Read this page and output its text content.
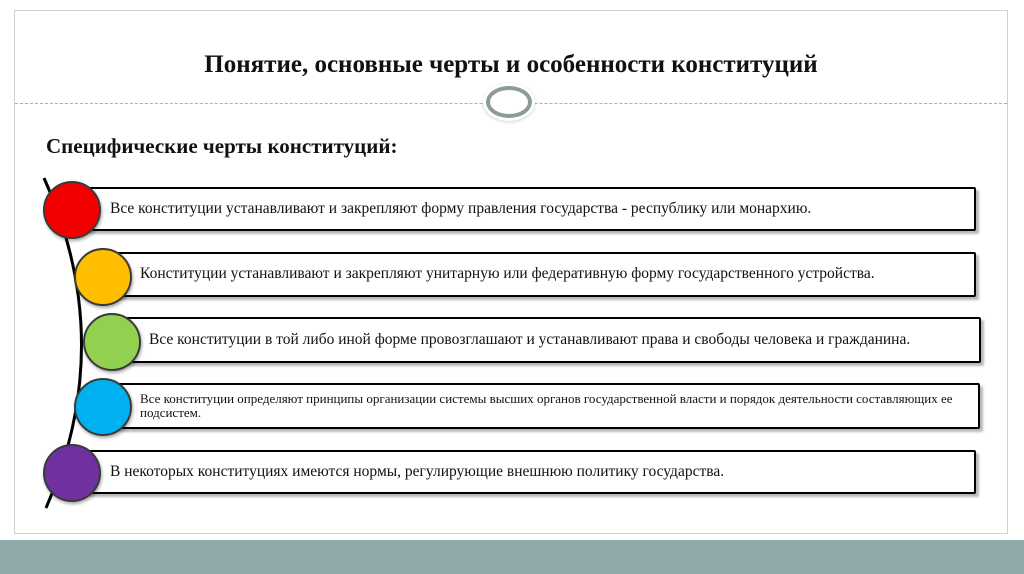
Понятие, основные черты и особенности конституций
Специфические черты конституций:
Все конституции устанавливают и закрепляют форму правления государства - республику или монархию.
Конституции устанавливают и закрепляют унитарную или федеративную форму государственного устройства.
Все конституции в той либо иной форме провозглашают и устанавливают права и свободы человека и гражданина.
Все конституции определяют принципы организации системы высших органов государственной власти и порядок деятельности составляющих ее подсистем.
В некоторых конституциях имеются нормы, регулирующие внешнюю политику государства.
